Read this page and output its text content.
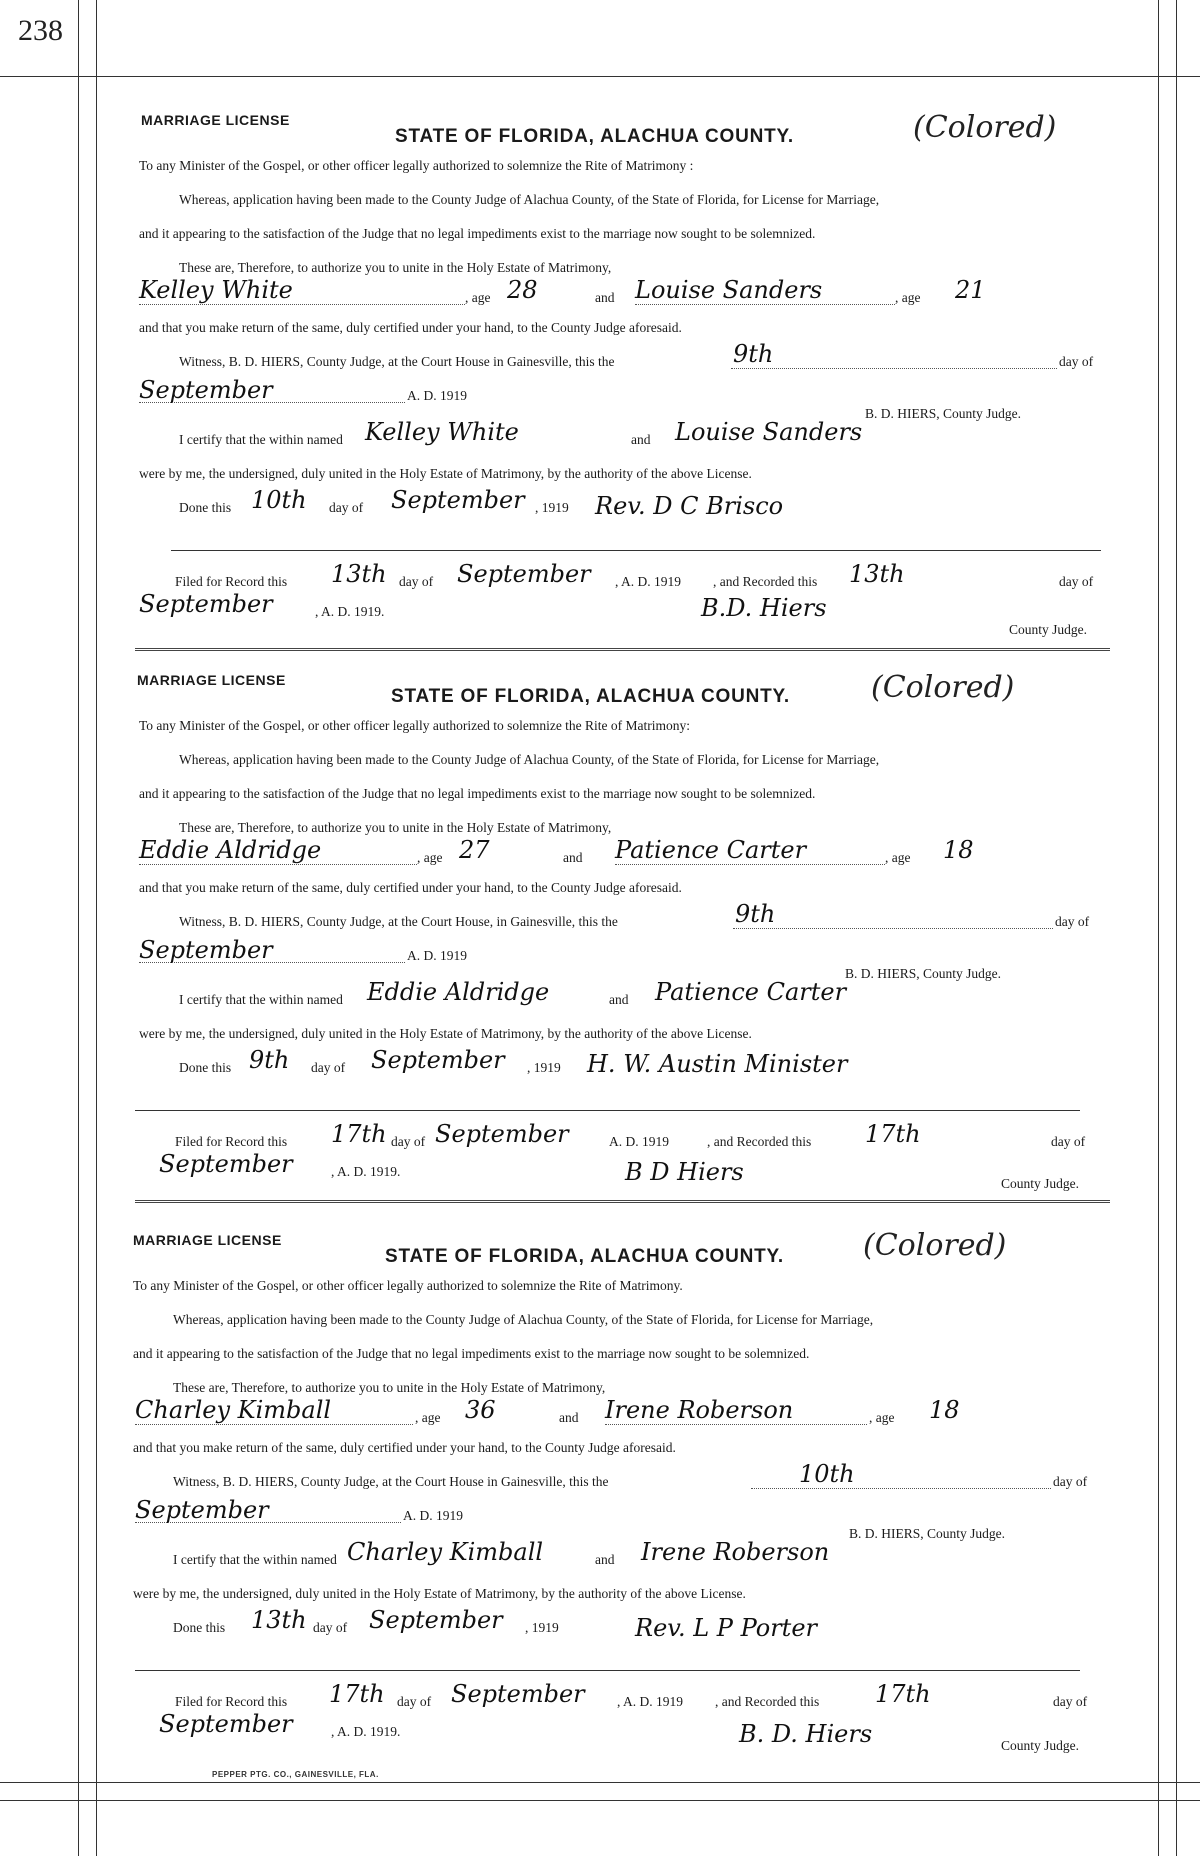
238
MARRIAGE LICENSE
STATE OF FLORIDA, ALACHUA COUNTY.	(Colored)
To any Minister of the Gospel, or other officer legally authorized to solemnize the Rite of Matrimony :
Whereas, application having been made to the County Judge of Alachua County, of the State of Florida, for License for Marriage,
and it appearing to the satisfaction of the Judge that no legal impediments exist to the marriage now sought to be solemnized.
These are, Therefore, to authorize you to unite in the Holy Estate of Matrimony,
Kelley White	, age 28	and Louise Sanders	, age 21
and that you make return of the same, duly certified under your hand, to the County Judge aforesaid.
Witness, B. D. HIERS, County Judge, at the Court House in Gainesville, this the	9th	day of
September	A. D. 1919
B. D. HIERS, County Judge.
I certify that the within named Kelley White	and Louise Sanders
were by me, the undersigned, duly united in the Holy Estate of Matrimony, by the authority of the above License.
Done this 10th day of September , 1919 Rev. D C Brisco
Filed for Record this 13th day of September , A. D. 1919 , and Recorded this 13th	day of
September	, A. D. 1919.	B.D. Hiers
County Judge.
MARRIAGE LICENSE
STATE OF FLORIDA, ALACHUA COUNTY.	(Colored)
To any Minister of the Gospel, or other officer legally authorized to solemnize the Rite of Matrimony:
Whereas, application having been made to the County Judge of Alachua County, of the State of Florida, for License for Marriage,
and it appearing to the satisfaction of the Judge that no legal impediments exist to the marriage now sought to be solemnized.
These are, Therefore, to authorize you to unite in the Holy Estate of Matrimony,
Eddie Aldridge	, age 27	and Patience Carter	, age 18
and that you make return of the same, duly certified under your hand, to the County Judge aforesaid.
Witness, B. D. HIERS, County Judge, at the Court House, in Gainesville, this the	9th	day of
September	A. D. 1919
B. D. HIERS, County Judge.
I certify that the within named Eddie Aldridge	and Patience Carter
were by me, the undersigned, duly united in the Holy Estate of Matrimony, by the authority of the above License.
Done this 9th day of September , 1919 H. W. Austin Minister
Filed for Record this 17th day of September	A. D. 1919	, and Recorded this 17th	day of
September	, A. D. 1919.	B D Hiers	County Judge.
MARRIAGE LICENSE
STATE OF FLORIDA, ALACHUA COUNTY.	(Colored)
To any Minister of the Gospel, or other officer legally authorized to solemnize the Rite of Matrimony.
Whereas, application having been made to the County Judge of Alachua County, of the State of Florida, for License for Marriage,
and it appearing to the satisfaction of the Judge that no legal impediments exist to the marriage now sought to be solemnized.
These are, Therefore, to authorize you to unite in the Holy Estate of Matrimony,
Charley Kimball	, age 36	and Irene Roberson	, age 18
and that you make return of the same, duly certified under your hand, to the County Judge aforesaid.
Witness, B. D. HIERS, County Judge, at the Court House in Gainesville, this the	10th	day of
September	A. D. 1919
B. D. HIERS, County Judge.
I certify that the within named Charley Kimball	and Irene Roberson
were by me, the undersigned, duly united in the Holy Estate of Matrimony, by the authority of the above License.
Done this 13th day of September , 1919	Rev. L P Porter
Filed for Record this 17th day of September , A. D. 1919 , and Recorded this 17th	day of
September	, A. D. 1919.	B. D. Hiers	County Judge.
PEPPER PTG. CO., GAINESVILLE, FLA.
